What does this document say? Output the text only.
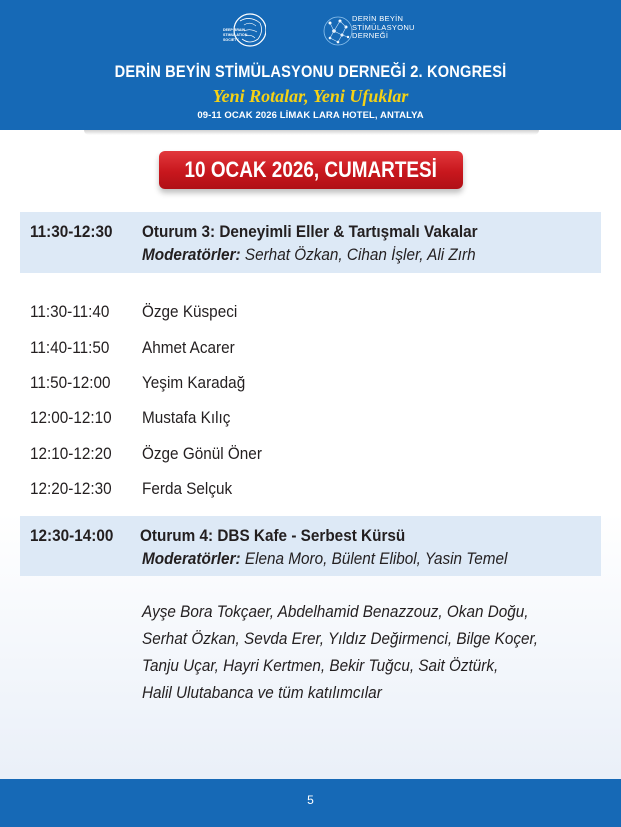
DEEP BRAIN
STIMULATION
SOCIETY
DERİN BEYİN
STİMÜLASYONU
DERNEĞİ
DERİN BEYİN STİMÜLASYONU DERNEĞİ 2. KONGRESİ
Yeni Rotalar, Yeni Ufuklar
09-11 OCAK 2026 LİMAK LARA HOTEL, ANTALYA
10 OCAK 2026, CUMARTESİ
11:30-12:30 Oturum 3: Deneyimli Eller & Tartışmalı Vakalar
Moderatörler: Serhat Özkan, Cihan İşler, Ali Zırh
11:30-11:40 Özge Küspeci
11:40-11:50 Ahmet Acarer
11:50-12:00 Yeşim Karadağ
12:00-12:10 Mustafa Kılıç
12:10-12:20 Özge Gönül Öner
12:20-12:30 Ferda Selçuk
12:30-14:00 Oturum 4: DBS Kafe - Serbest Kürsü
Moderatörler: Elena Moro, Bülent Elibol, Yasin Temel
Ayşe Bora Tokçaer, Abdelhamid Benazzouz, Okan Doğu,
Serhat Özkan, Sevda Erer, Yıldız Değirmenci, Bilge Koçer,
Tanju Uçar, Hayri Kertmen, Bekir Tuğcu, Sait Öztürk,
Halil Ulutabanca ve tüm katılımcılar
5
